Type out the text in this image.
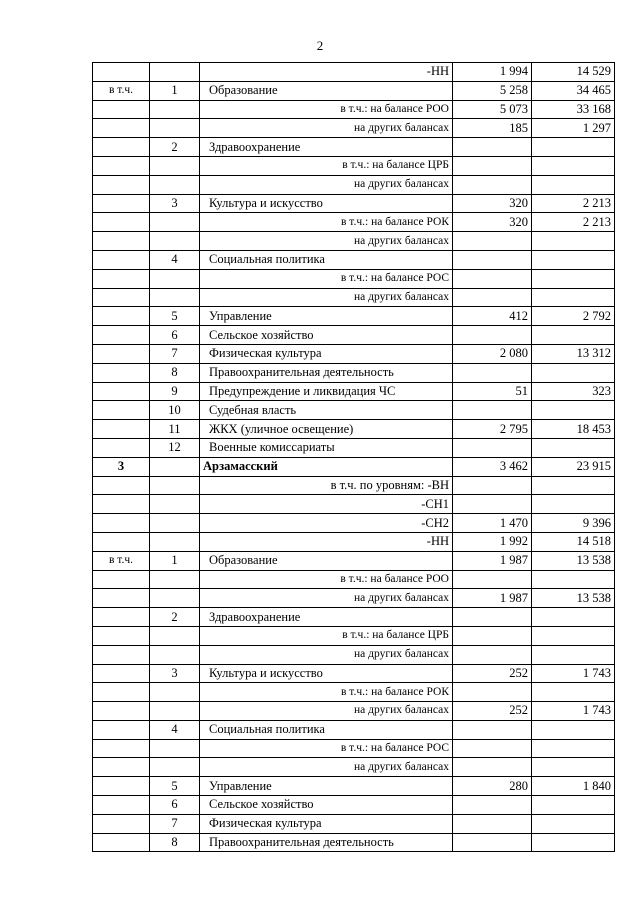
2
		-НН	1 994	14 529
в т.ч.	1	Образование	5 258	34 465
		в т.ч.: на балансе РОО	5 073	33 168
		на других балансах	185	1 297
	2	Здравоохранение		
		в т.ч.: на балансе ЦРБ		
		на других балансах		
	3	Культура и искусство	320	2 213
		в т.ч.: на балансе РОК	320	2 213
		на других балансах		
	4	Социальная политика		
		в т.ч.: на балансе РОС		
		на других балансах		
	5	Управление	412	2 792
	6	Сельское хозяйство		
	7	Физическая культура	2 080	13 312
	8	Правоохранительная деятельность		
	9	Предупреждение и ликвидация ЧС	51	323
	10	Судебная власть		
	11	ЖКХ (уличное освещение)	2 795	18 453
	12	Военные комиссариаты		
3		Арзамасский	3 462	23 915
		в т.ч. по уровням: -ВН		
		-СН1		
		-СН2	1 470	9 396
		-НН	1 992	14 518
в т.ч.	1	Образование	1 987	13 538
		в т.ч.: на балансе РОО		
		на других балансах	1 987	13 538
	2	Здравоохранение		
		в т.ч.: на балансе ЦРБ		
		на других балансах		
	3	Культура и искусство	252	1 743
		в т.ч.: на балансе РОК		
		на других балансах	252	1 743
	4	Социальная политика		
		в т.ч.: на балансе РОС		
		на других балансах		
	5	Управление	280	1 840
	6	Сельское хозяйство		
	7	Физическая культура		
	8	Правоохранительная деятельность		
